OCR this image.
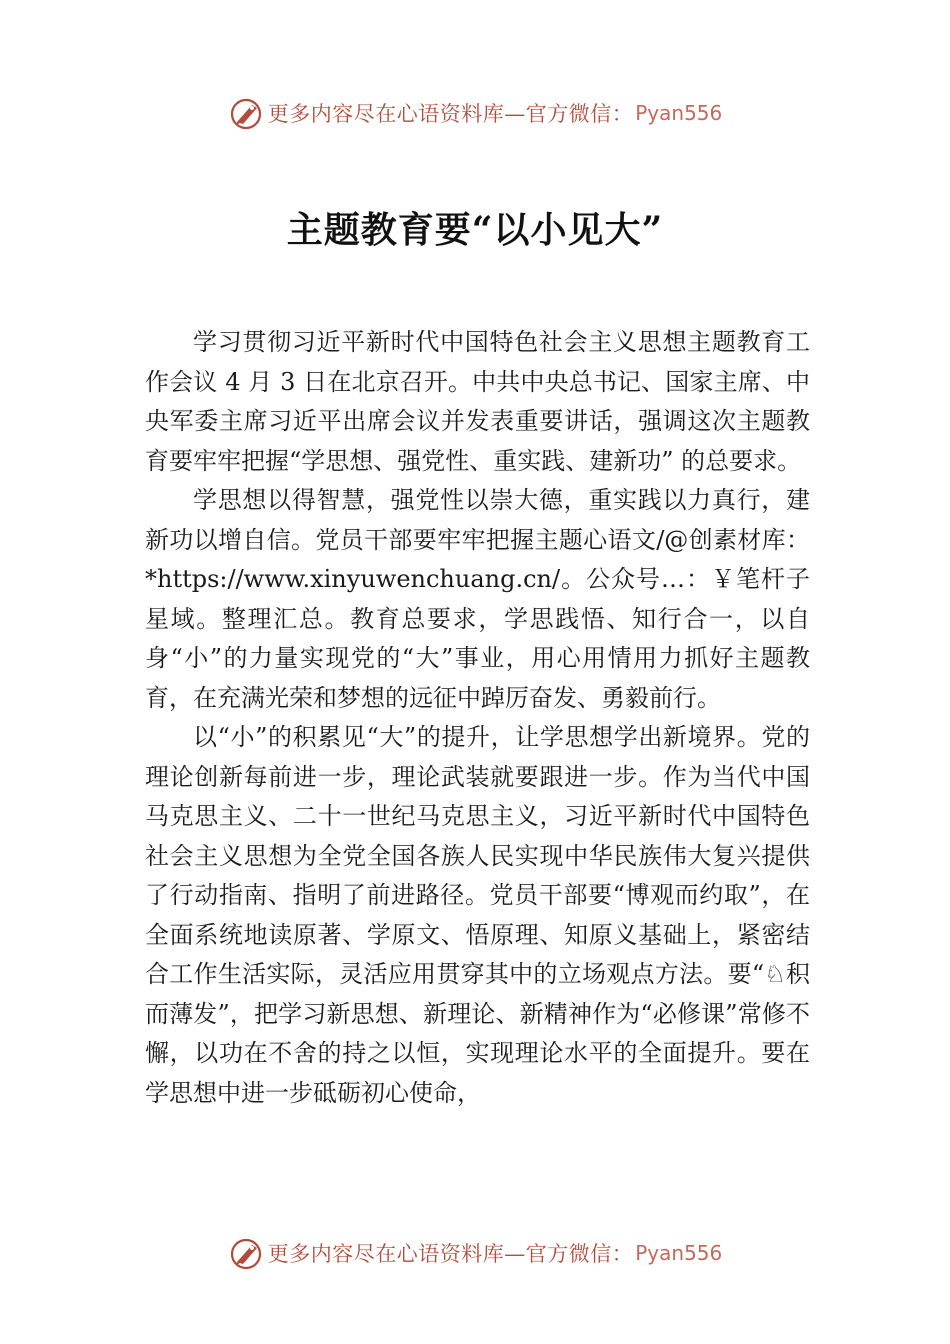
更多内容尽在心语资料库—官方微信： Pyan556
主题教育要“以小见大”

学习贯彻习近平新时代中国特色社会主义思想主题教育工作会议 4 月 3 日在北京召开。中共中央总书记、国家主席、中央军委主席习近平出席会议并发表重要讲话，强调这次主题教育要牢牢把握“学思想、强党性、重实践、建新功” 的总要求。

学思想以得智慧，强党性以崇大德，重实践以力真行，建新功以增自信。党员干部要牢牢把握主题心语文/@创素材库：*https://www.xinyuwenchuang.cn/。公众号…：￥笔杆子星域。整理汇总。教育总要求，学思践悟、知行合一，以自身“小”的力量实现党的“大”事业，用心用情用力抓好主题教育，在充满光荣和梦想的远征中踔厉奋发、勇毅前行。

以“小”的积累见“大”的提升，让学思想学出新境界。党的理论创新每前进一步，理论武装就要跟进一步。作为当代中国马克思主义、二十一世纪马克思主义，习近平新时代中国特色社会主义思想为全党全国各族人民实现中华民族伟大复兴提供了行动指南、指明了前进路径。党员干部要“博观而约取”，在全面系统地读原著、学原文、悟原理、知原义基础上，紧密结合工作生活实际，灵活应用贯穿其中的立场观点方法。要“♘积而薄发”，把学习新思想、新理论、新精神作为“必修课”常修不懈，以功在不舍的持之以恒，实现理论水平的全面提升。要在学思想中进一步砥砺初心使命，

更多内容尽在心语资料库—官方微信： Pyan556
